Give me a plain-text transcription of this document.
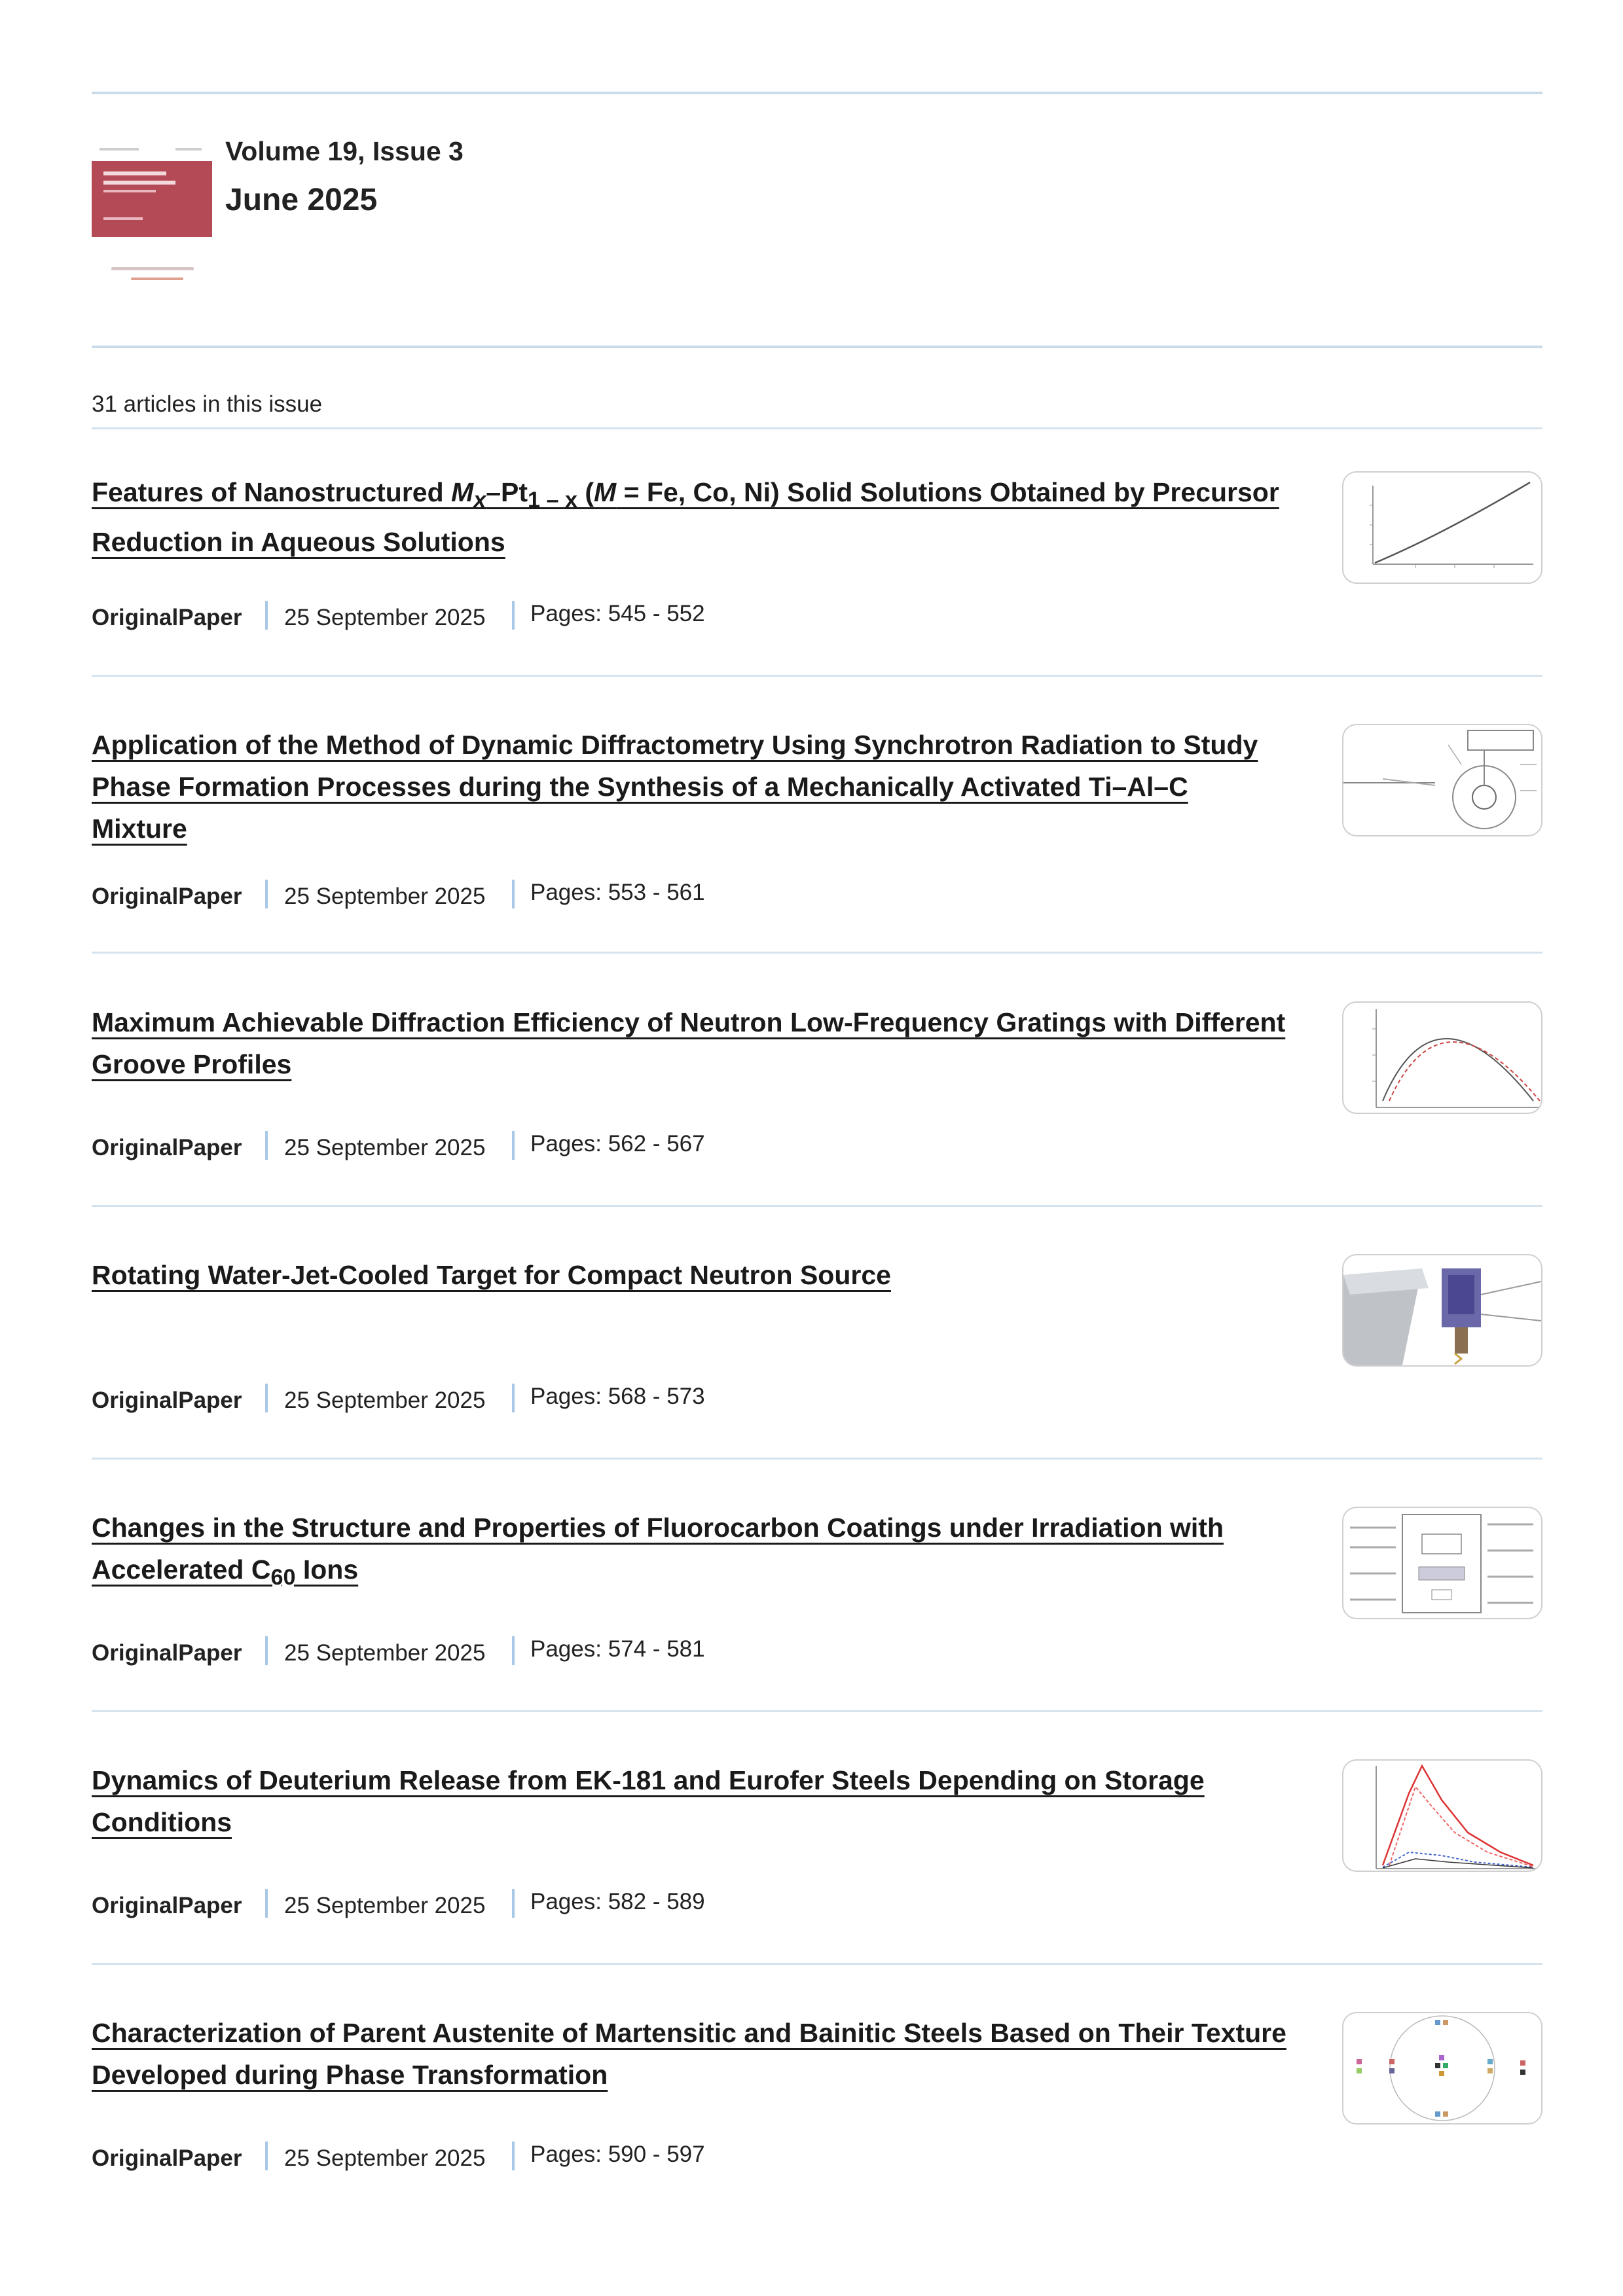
Volume 19, Issue 3
June 2025
31 articles in this issue
Features of Nanostructured $M_x-Pt_{1 - x}$ (M = Fe, Co, Ni) Solid Solutions Obtained by Precursor Reduction in Aqueous Solutions
OriginalPaper 25 September 2025 Pages: 545 - 552
Application of the Method of Dynamic Diffractometry Using Synchrotron Radiation to Study Phase Formation Processes during the Synthesis of a Mechanically Activated Ti–Al–C Mixture
OriginalPaper 25 September 2025 Pages: 553 - 561
Maximum Achievable Diffraction Efficiency of Neutron Low-Frequency Gratings with Different Groove Profiles
OriginalPaper 25 September 2025 Pages: 562 - 567
Rotating Water-Jet-Cooled Target for Compact Neutron Source
OriginalPaper 25 September 2025 Pages: 568 - 573
Changes in the Structure and Properties of Fluorocarbon Coatings under Irradiation with Accelerated $C_{60}$ Ions
OriginalPaper 25 September 2025 Pages: 574 - 581
Dynamics of Deuterium Release from EK-181 and Eurofer Steels Depending on Storage Conditions
OriginalPaper 25 September 2025 Pages: 582 - 589
Characterization of Parent Austenite of Martensitic and Bainitic Steels Based on Their Texture Developed during Phase Transformation
OriginalPaper 25 September 2025 Pages: 590 - 597
